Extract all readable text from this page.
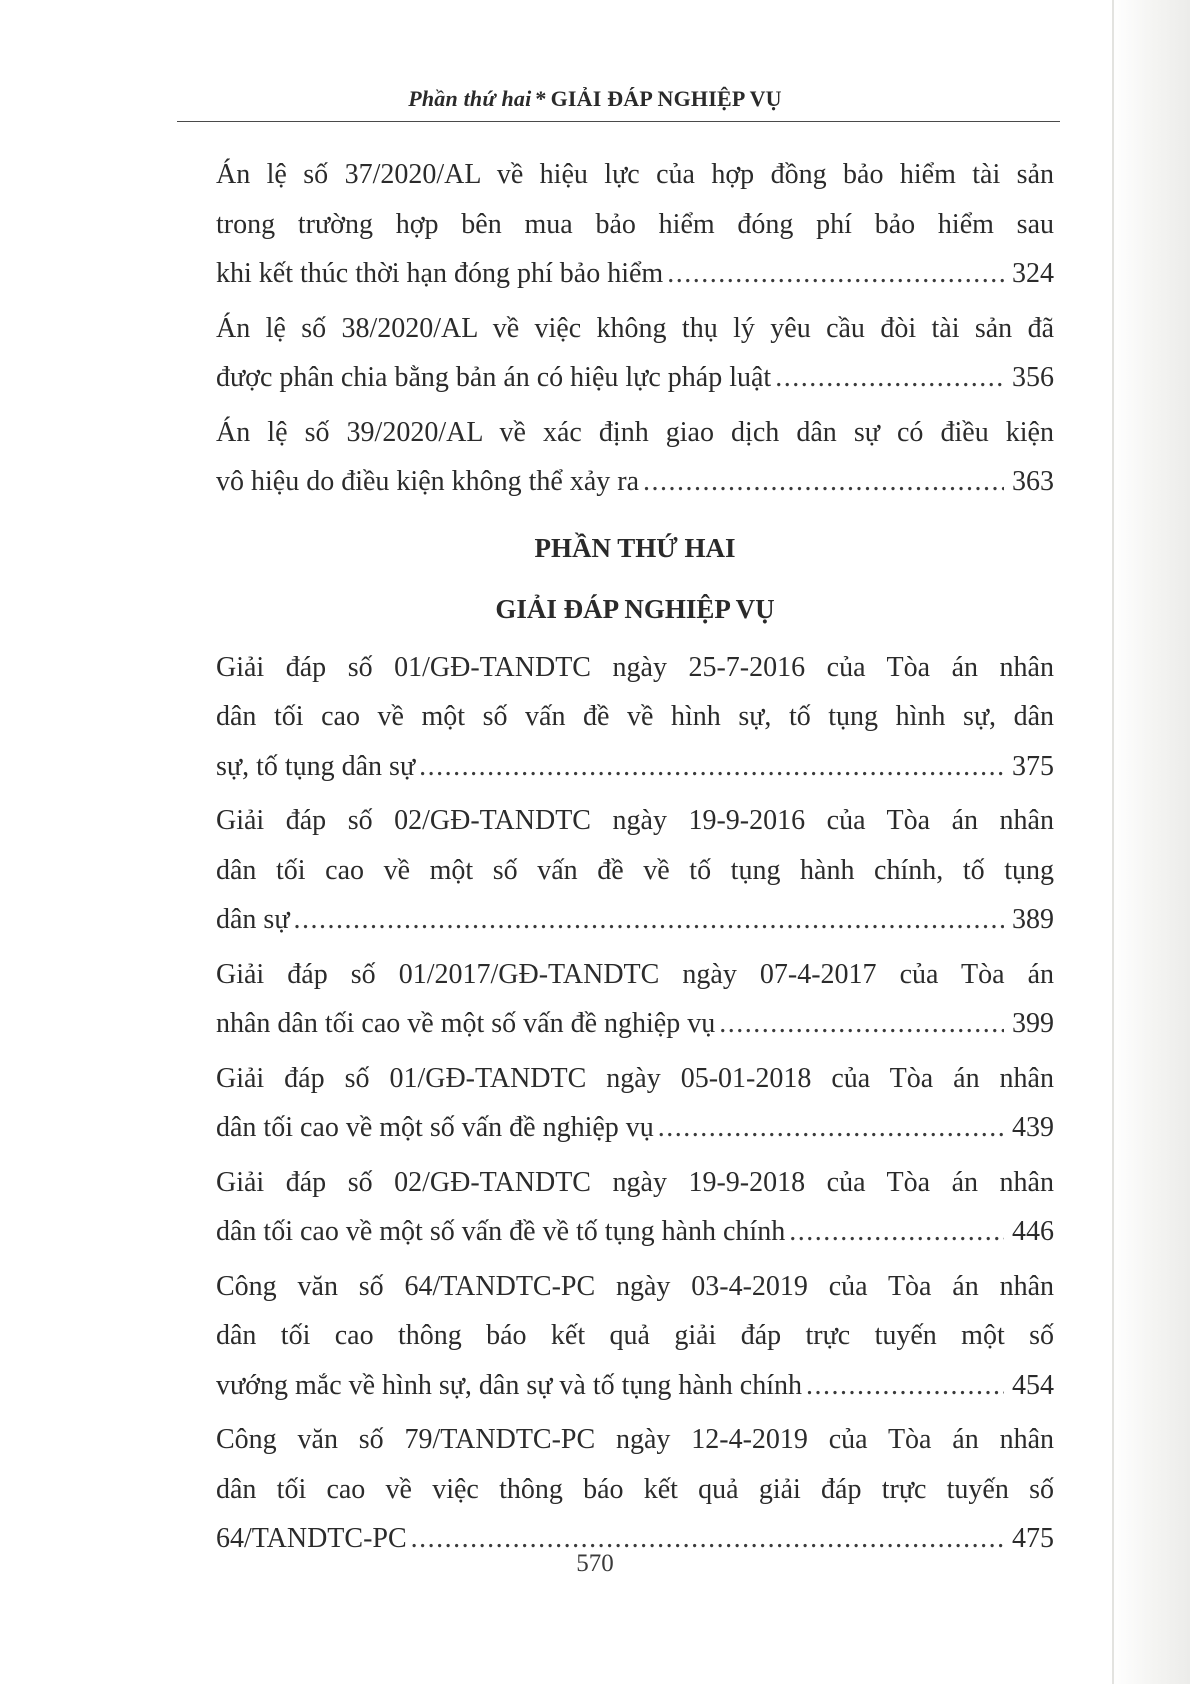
Phần thứ hai * GIẢI ĐÁP NGHIỆP VỤ
Án lệ số 37/2020/AL về hiệu lực của hợp đồng bảo hiểm tài sản
trong trường hợp bên mua bảo hiểm đóng phí bảo hiểm sau
khi kết thúc thời hạn đóng phí bảo hiểm .....	324
Án lệ số 38/2020/AL về việc không thụ lý yêu cầu đòi tài sản đã
được phân chia bằng bản án có hiệu lực pháp luật .....	356
Án lệ số 39/2020/AL về xác định giao dịch dân sự có điều kiện
vô hiệu do điều kiện không thể xảy ra .....	363
PHẦN THỨ HAI
GIẢI ĐÁP NGHIỆP VỤ
Giải đáp số 01/GĐ-TANDTC ngày 25-7-2016 của Tòa án nhân
dân tối cao về một số vấn đề về hình sự, tố tụng hình sự, dân
sự, tố tụng dân sự .....	375
Giải đáp số 02/GĐ-TANDTC ngày 19-9-2016 của Tòa án nhân
dân tối cao về một số vấn đề về tố tụng hành chính, tố tụng
dân sự .....	389
Giải đáp số 01/2017/GĐ-TANDTC ngày 07-4-2017 của Tòa án
nhân dân tối cao về một số vấn đề nghiệp vụ .....	399
Giải đáp số 01/GĐ-TANDTC ngày 05-01-2018 của Tòa án nhân
dân tối cao về một số vấn đề nghiệp vụ .....	439
Giải đáp số 02/GĐ-TANDTC ngày 19-9-2018 của Tòa án nhân
dân tối cao về một số vấn đề về tố tụng hành chính .....	446
Công văn số 64/TANDTC-PC ngày 03-4-2019 của Tòa án nhân
dân tối cao thông báo kết quả giải đáp trực tuyến một số
vướng mắc về hình sự, dân sự và tố tụng hành chính .....	454
Công văn số 79/TANDTC-PC ngày 12-4-2019 của Tòa án nhân
dân tối cao về việc thông báo kết quả giải đáp trực tuyến số
64/TANDTC-PC .....	475
570
